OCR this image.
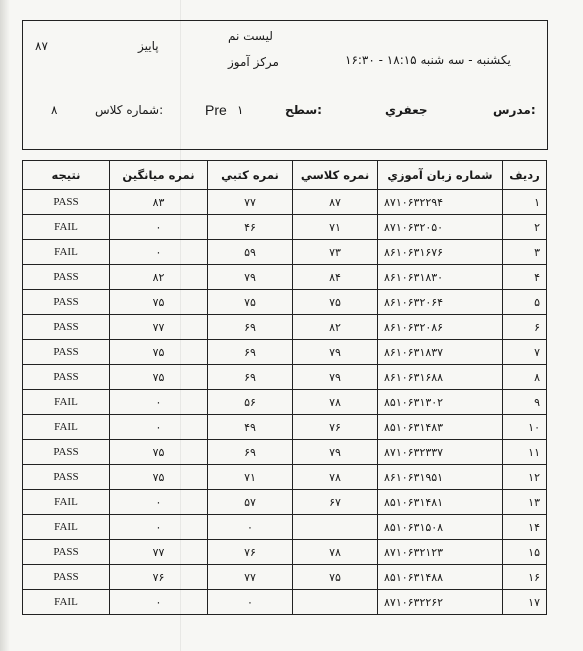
لیست نم
پاییز
۸۷
مرکز آموز	یکشنبه - سه شنبه ۱۸:۱۵ - ۱۶:۳۰
شماره کلاس:
۸	Pre ۱	سطح:	جعفري	مدرس:
رديف	شماره زبان آموزي	نمره كلاسي	نمره كتبي	نمره ميانگين	نتيجه
۱	۸۷۱۰۶۳۲۲۹۴	۸۷	۷۷	۸۳	PASS
۲	۸۷۱۰۶۳۲۰۵۰	۷۱	۴۶	۰	FAIL
۳	۸۶۱۰۶۳۱۶۷۶	۷۳	۵۹	۰	FAIL
۴	۸۶۱۰۶۳۱۸۳۰	۸۴	۷۹	۸۲	PASS
۵	۸۶۱۰۶۳۲۰۶۴	۷۵	۷۵	۷۵	PASS
۶	۸۶۱۰۶۳۲۰۸۶	۸۲	۶۹	۷۷	PASS
۷	۸۶۱۰۶۳۱۸۳۷	۷۹	۶۹	۷۵	PASS
۸	۸۶۱۰۶۳۱۶۸۸	۷۹	۶۹	۷۵	PASS
۹	۸۵۱۰۶۳۱۳۰۲	۷۸	۵۶	۰	FAIL
۱۰	۸۵۱۰۶۳۱۴۸۳	۷۶	۴۹	۰	FAIL
۱۱	۸۷۱۰۶۳۲۳۳۷	۷۹	۶۹	۷۵	PASS
۱۲	۸۶۱۰۶۳۱۹۵۱	۷۸	۷۱	۷۵	PASS
۱۳	۸۵۱۰۶۳۱۴۸۱	۶۷	۵۷	۰	FAIL
۱۴	۸۵۱۰۶۳۱۵۰۸		۰	۰	FAIL
۱۵	۸۷۱۰۶۳۲۱۲۳	۷۸	۷۶	۷۷	PASS
۱۶	۸۵۱۰۶۳۱۴۸۸	۷۵	۷۷	۷۶	PASS
۱۷	۸۷۱۰۶۳۲۲۶۲		۰	۰	FAIL
